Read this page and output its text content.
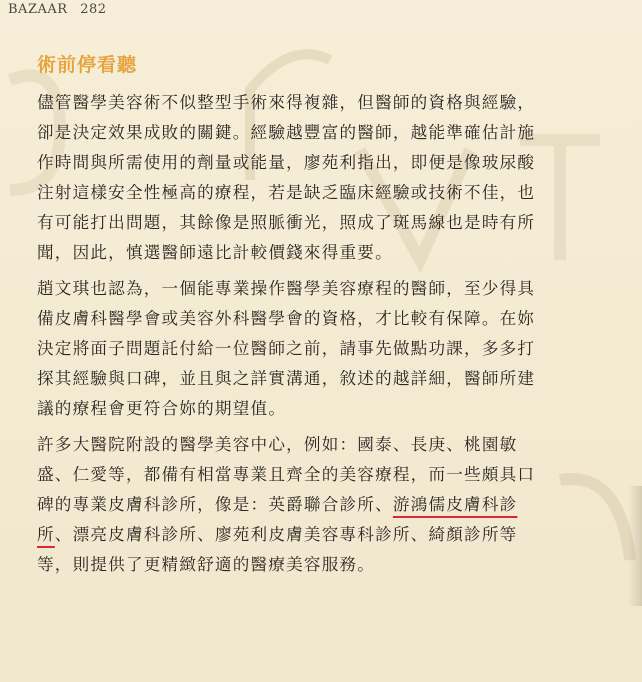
BAZAAR 282
術前停看聽
儘管醫學美容術不似整型手術來得複雜，但醫師的資格與經驗，
卻是決定效果成敗的關鍵。經驗越豐富的醫師，越能準確估計施
作時間與所需使用的劑量或能量，廖苑利指出，即便是像玻尿酸
注射這樣安全性極高的療程，若是缺乏臨床經驗或技術不佳，也
有可能打出問題，其餘像是照脈衝光，照成了斑馬線也是時有所
聞，因此，慎選醫師遠比計較價錢來得重要。
趙文琪也認為，一個能專業操作醫學美容療程的醫師，至少得具
備皮膚科醫學會或美容外科醫學會的資格，才比較有保障。在妳
決定將面子問題託付給一位醫師之前，請事先做點功課，多多打
探其經驗與口碑，並且與之詳實溝通，敘述的越詳細，醫師所建
議的療程會更符合妳的期望值。
許多大醫院附設的醫學美容中心，例如：國泰、長庚、桃園敏
盛、仁愛等，都備有相當專業且齊全的美容療程，而一些頗具口
碑的專業皮膚科診所，像是：英爵聯合診所、游鴻儒皮膚科診
所、漂亮皮膚科診所、廖苑利皮膚美容專科診所、綺顏診所等
等，則提供了更精緻舒適的醫療美容服務。
